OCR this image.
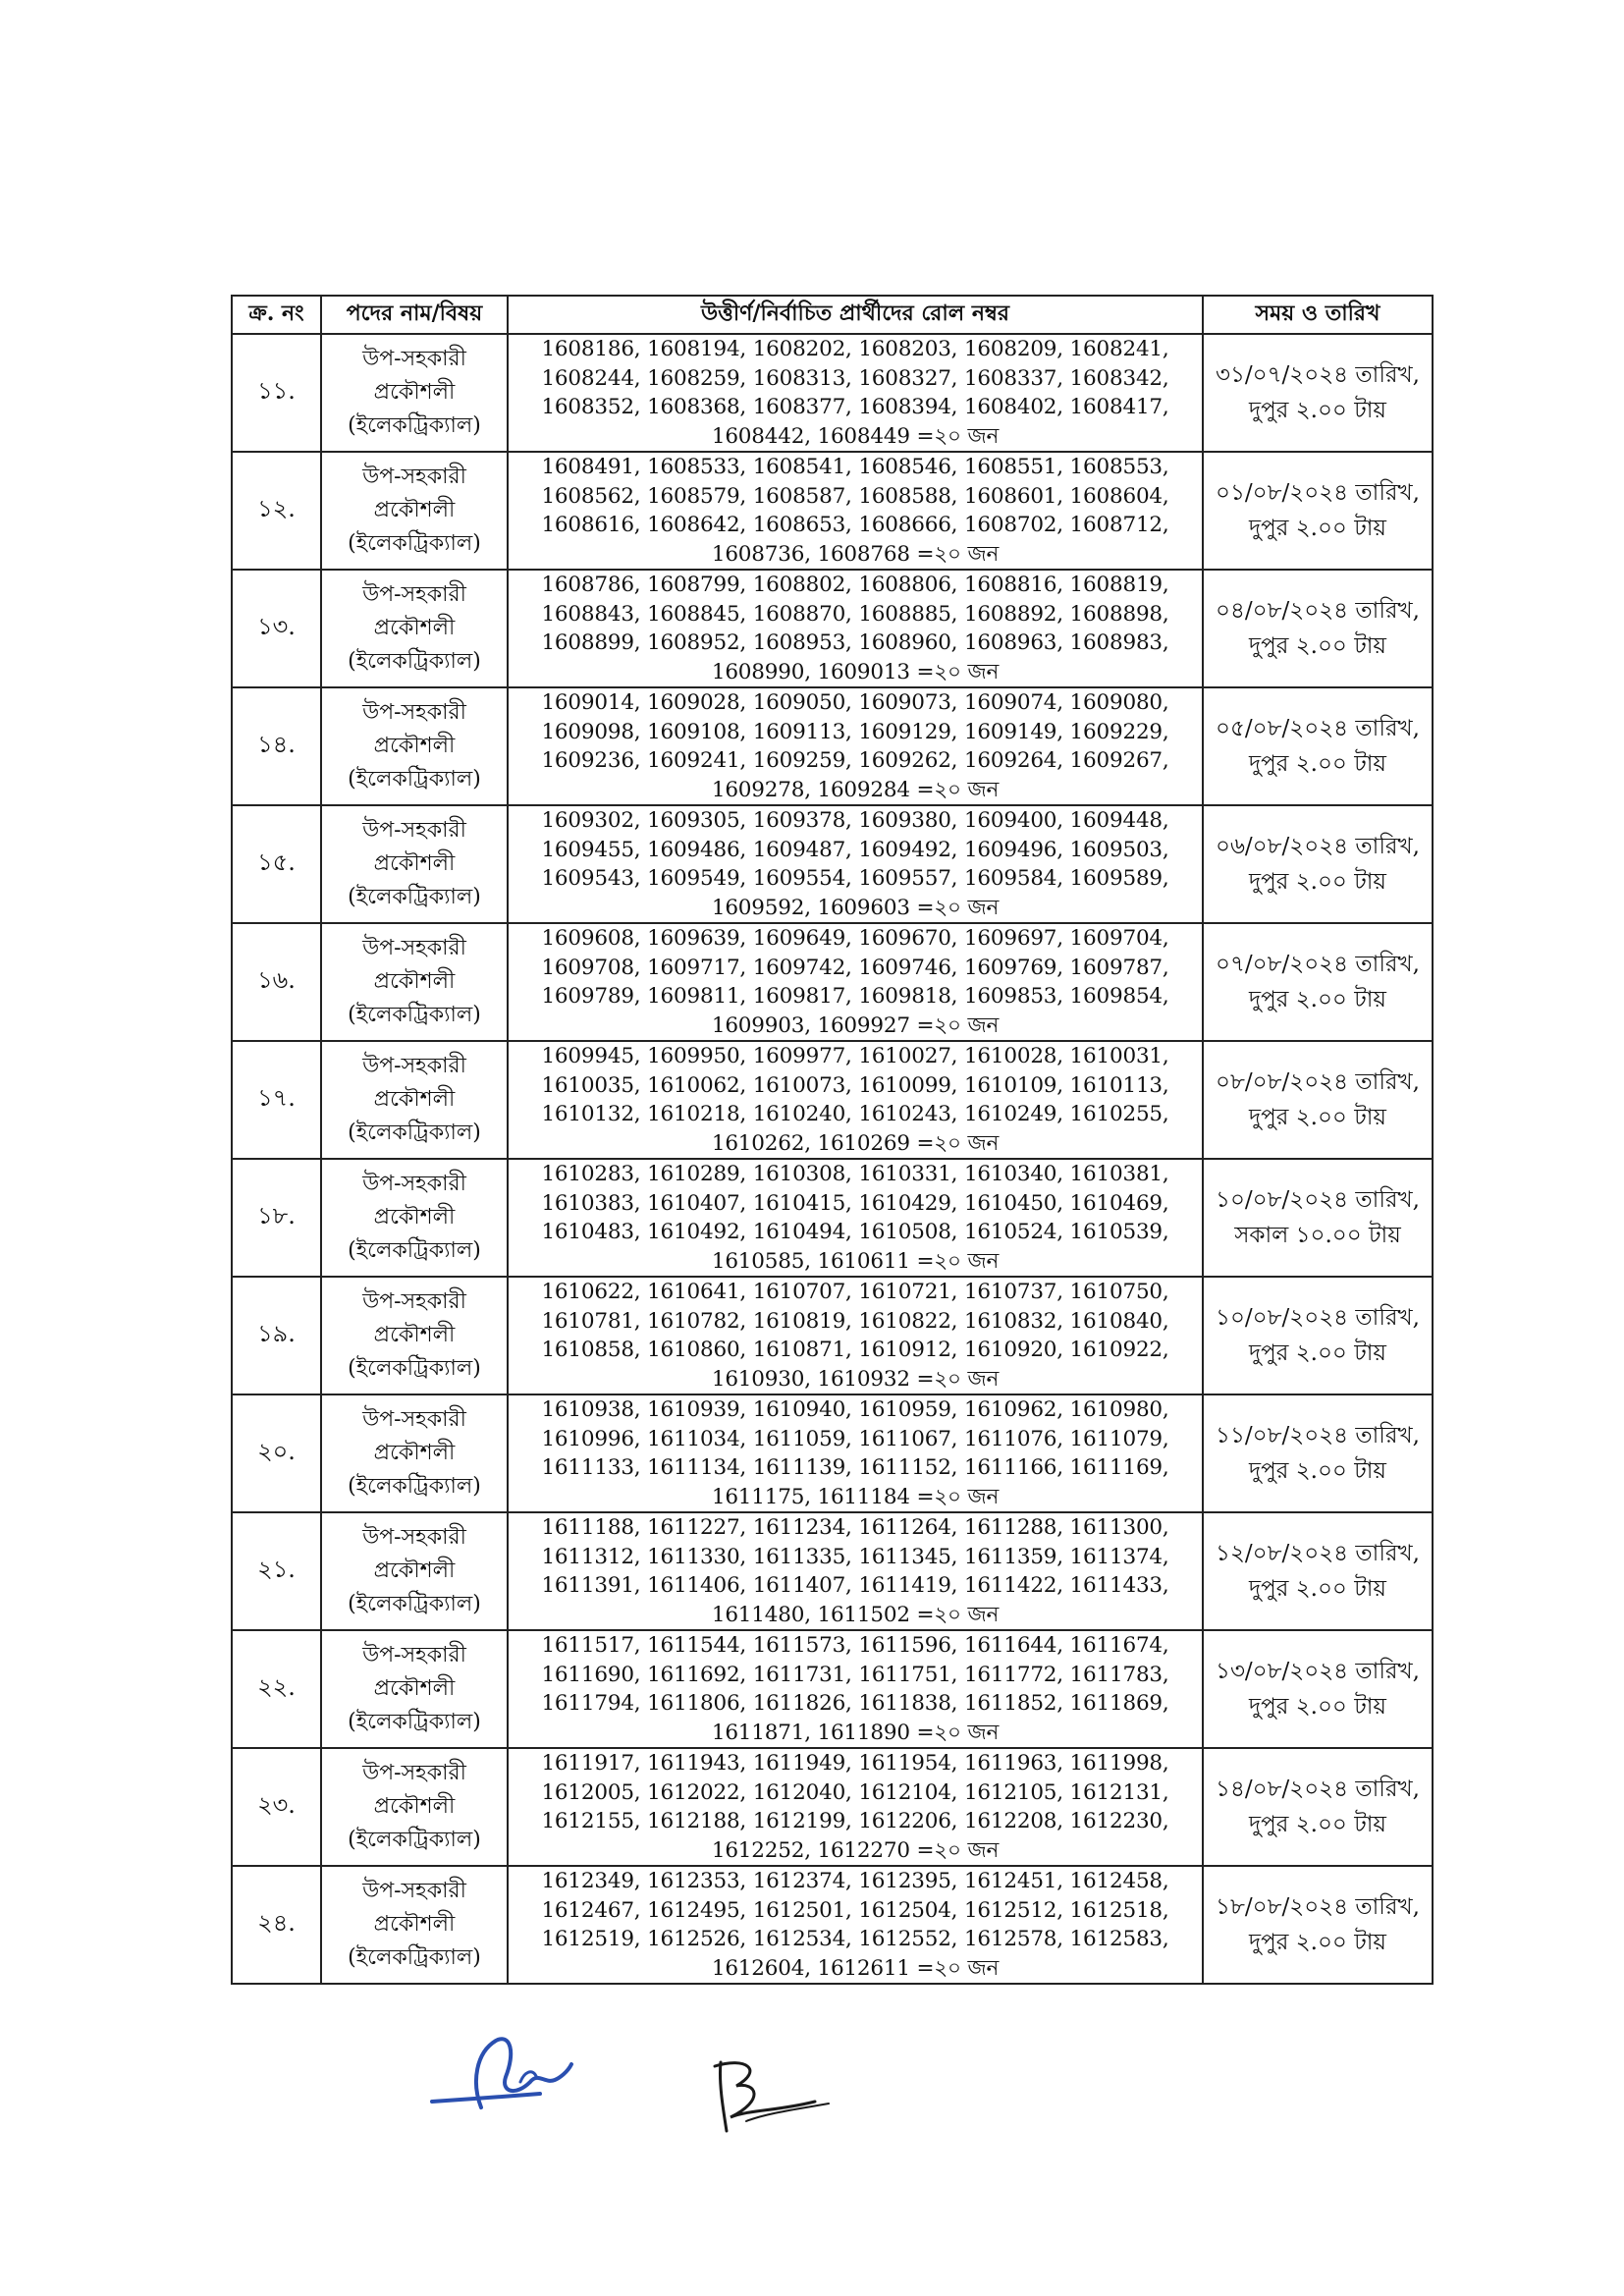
ক্র. নং	পদের নাম/বিষয়	উত্তীর্ণ/নির্বাচিত প্রার্থীদের রোল নম্বর	সময় ও তারিখ
১১.	উপ-সহকারী
প্রকৌশলী
(ইলেকট্রিক্যাল)	1608186, 1608194, 1608202, 1608203, 1608209, 1608241,
1608244, 1608259, 1608313, 1608327, 1608337, 1608342,
1608352, 1608368, 1608377, 1608394, 1608402, 1608417,
1608442, 1608449 =২০ জন	৩১/০৭/২০২৪ তারিখ,
দুপুর ২.০০ টায়

১২.	উপ-সহকারী
প্রকৌশলী
(ইলেকট্রিক্যাল)	1608491, 1608533, 1608541, 1608546, 1608551, 1608553,
1608562, 1608579, 1608587, 1608588, 1608601, 1608604,
1608616, 1608642, 1608653, 1608666, 1608702, 1608712,
1608736, 1608768 =২০ জন	০১/০৮/২০২৪ তারিখ,
দুপুর ২.০০ টায়

১৩.	উপ-সহকারী
প্রকৌশলী
(ইলেকট্রিক্যাল)	1608786, 1608799, 1608802, 1608806, 1608816, 1608819,
1608843, 1608845, 1608870, 1608885, 1608892, 1608898,
1608899, 1608952, 1608953, 1608960, 1608963, 1608983,
1608990, 1609013 =২০ জন	০৪/০৮/২০২৪ তারিখ,
দুপুর ২.০০ টায়

১৪.	উপ-সহকারী
প্রকৌশলী
(ইলেকট্রিক্যাল)	1609014, 1609028, 1609050, 1609073, 1609074, 1609080,
1609098, 1609108, 1609113, 1609129, 1609149, 1609229,
1609236, 1609241, 1609259, 1609262, 1609264, 1609267,
1609278, 1609284 =২০ জন	০৫/০৮/২০২৪ তারিখ,
দুপুর ২.০০ টায়

১৫.	উপ-সহকারী
প্রকৌশলী
(ইলেকট্রিক্যাল)	1609302, 1609305, 1609378, 1609380, 1609400, 1609448,
1609455, 1609486, 1609487, 1609492, 1609496, 1609503,
1609543, 1609549, 1609554, 1609557, 1609584, 1609589,
1609592, 1609603 =২০ জন	০৬/০৮/২০২৪ তারিখ,
দুপুর ২.০০ টায়

১৬.	উপ-সহকারী
প্রকৌশলী
(ইলেকট্রিক্যাল)	1609608, 1609639, 1609649, 1609670, 1609697, 1609704,
1609708, 1609717, 1609742, 1609746, 1609769, 1609787,
1609789, 1609811, 1609817, 1609818, 1609853, 1609854,
1609903, 1609927 =২০ জন	০৭/০৮/২০২৪ তারিখ,
দুপুর ২.০০ টায়

১৭.	উপ-সহকারী
প্রকৌশলী
(ইলেকট্রিক্যাল)	1609945, 1609950, 1609977, 1610027, 1610028, 1610031,
1610035, 1610062, 1610073, 1610099, 1610109, 1610113,
1610132, 1610218, 1610240, 1610243, 1610249, 1610255,
1610262, 1610269 =২০ জন	০৮/০৮/২০২৪ তারিখ,
দুপুর ২.০০ টায়

১৮.	উপ-সহকারী
প্রকৌশলী
(ইলেকট্রিক্যাল)	1610283, 1610289, 1610308, 1610331, 1610340, 1610381,
1610383, 1610407, 1610415, 1610429, 1610450, 1610469,
1610483, 1610492, 1610494, 1610508, 1610524, 1610539,
1610585, 1610611 =২০ জন	১০/০৮/২০২৪ তারিখ,
সকাল ১০.০০ টায়

১৯.	উপ-সহকারী
প্রকৌশলী
(ইলেকট্রিক্যাল)	1610622, 1610641, 1610707, 1610721, 1610737, 1610750,
1610781, 1610782, 1610819, 1610822, 1610832, 1610840,
1610858, 1610860, 1610871, 1610912, 1610920, 1610922,
1610930, 1610932 =২০ জন	১০/০৮/২০২৪ তারিখ,
দুপুর ২.০০ টায়

২০.	উপ-সহকারী
প্রকৌশলী
(ইলেকট্রিক্যাল)	1610938, 1610939, 1610940, 1610959, 1610962, 1610980,
1610996, 1611034, 1611059, 1611067, 1611076, 1611079,
1611133, 1611134, 1611139, 1611152, 1611166, 1611169,
1611175, 1611184 =২০ জন	১১/০৮/২০২৪ তারিখ,
দুপুর ২.০০ টায়

২১.	উপ-সহকারী
প্রকৌশলী
(ইলেকট্রিক্যাল)	1611188, 1611227, 1611234, 1611264, 1611288, 1611300,
1611312, 1611330, 1611335, 1611345, 1611359, 1611374,
1611391, 1611406, 1611407, 1611419, 1611422, 1611433,
1611480, 1611502 =২০ জন	১২/০৮/২০২৪ তারিখ,
দুপুর ২.০০ টায়

২২.	উপ-সহকারী
প্রকৌশলী
(ইলেকট্রিক্যাল)	1611517, 1611544, 1611573, 1611596, 1611644, 1611674,
1611690, 1611692, 1611731, 1611751, 1611772, 1611783,
1611794, 1611806, 1611826, 1611838, 1611852, 1611869,
1611871, 1611890 =২০ জন	১৩/০৮/২০২৪ তারিখ,
দুপুর ২.০০ টায়

২৩.	উপ-সহকারী
প্রকৌশলী
(ইলেকট্রিক্যাল)	1611917, 1611943, 1611949, 1611954, 1611963, 1611998,
1612005, 1612022, 1612040, 1612104, 1612105, 1612131,
1612155, 1612188, 1612199, 1612206, 1612208, 1612230,
1612252, 1612270 =২০ জন	১৪/০৮/২০২৪ তারিখ,
দুপুর ২.০০ টায়

২৪.	উপ-সহকারী
প্রকৌশলী
(ইলেকট্রিক্যাল)	1612349, 1612353, 1612374, 1612395, 1612451, 1612458,
1612467, 1612495, 1612501, 1612504, 1612512, 1612518,
1612519, 1612526, 1612534, 1612552, 1612578, 1612583,
1612604, 1612611 =২০ জন	১৮/০৮/২০২৪ তারিখ,
দুপুর ২.০০ টায়
